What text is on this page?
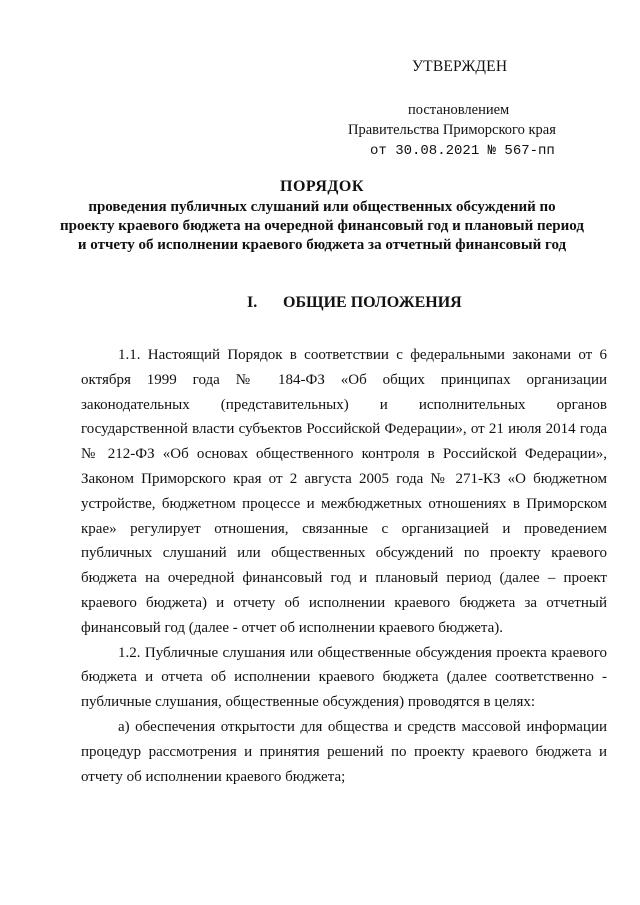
УТВЕРЖДЕН
постановлением
Правительства Приморского края
от 30.08.2021 № 567-пп
ПОРЯДОК
проведения публичных слушаний или общественных обсуждений по проекту краевого бюджета на очередной финансовый год и плановый период и отчету об исполнении краевого бюджета за отчетный финансовый год
I. ОБЩИЕ ПОЛОЖЕНИЯ

1.1. Настоящий Порядок в соответствии с федеральными законами от 6 октября 1999 года № 184-ФЗ «Об общих принципах организации законодательных (представительных) и исполнительных органов государственной власти субъектов Российской Федерации», от 21 июля 2014 года № 212-ФЗ «Об основах общественного контроля в Российской Федерации», Законом Приморского края от 2 августа 2005 года № 271-КЗ «О бюджетном устройстве, бюджетном процессе и межбюджетных отношениях в Приморском крае» регулирует отношения, связанные с организацией и проведением публичных слушаний или общественных обсуждений по проекту краевого бюджета на очередной финансовый год и плановый период (далее – проект краевого бюджета) и отчету об исполнении краевого бюджета за отчетный финансовый год (далее - отчет об исполнении краевого бюджета).

1.2. Публичные слушания или общественные обсуждения проекта краевого бюджета и отчета об исполнении краевого бюджета (далее соответственно - публичные слушания, общественные обсуждения) проводятся в целях:

а) обеспечения открытости для общества и средств массовой информации процедур рассмотрения и принятия решений по проекту краевого бюджета и отчету об исполнении краевого бюджета;
